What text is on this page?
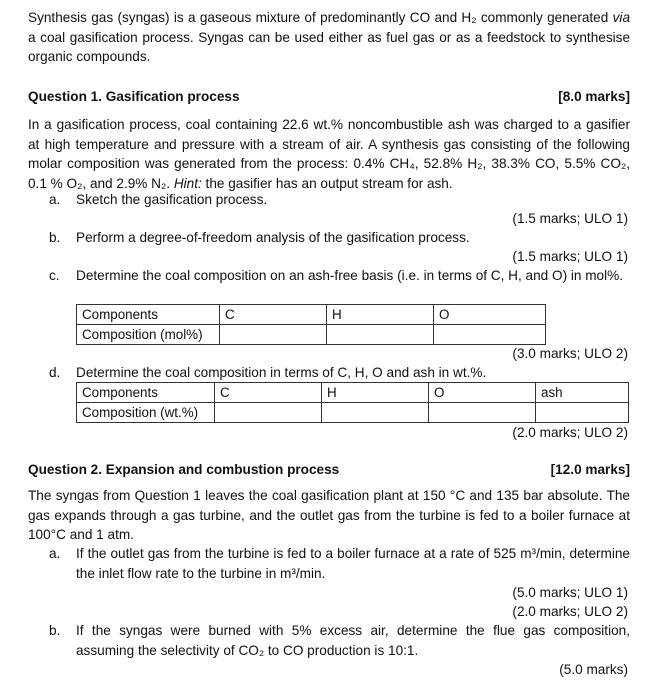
Synthesis gas (syngas) is a gaseous mixture of predominantly CO and H₂ commonly generated via a coal gasification process. Syngas can be used either as fuel gas or as a feedstock to synthesise organic compounds.
Question 1. Gasification process	[8.0 marks]
In a gasification process, coal containing 22.6 wt.% noncombustible ash was charged to a gasifier at high temperature and pressure with a stream of air. A synthesis gas consisting of the following molar composition was generated from the process: 0.4% CH₄, 52.8% H₂, 38.3% CO, 5.5% CO₂, 0.1 % O₂, and 2.9% N₂. Hint: the gasifier has an output stream for ash.
a.	Sketch the gasification process.
(1.5 marks; ULO 1)
b.	Perform a degree-of-freedom analysis of the gasification process.
(1.5 marks; ULO 1)
c.	Determine the coal composition on an ash-free basis (i.e. in terms of C, H, and O) in mol%.
Components	C	H	O
Composition (mol%)			
(3.0 marks; ULO 2)
d.	Determine the coal composition in terms of C, H, O and ash in wt.%.
Components	C	H	O	ash
Composition (wt.%)				
(2.0 marks; ULO 2)
Question 2. Expansion and combustion process	[12.0 marks]
The syngas from Question 1 leaves the coal gasification plant at 150 °C and 135 bar absolute. The gas expands through a gas turbine, and the outlet gas from the turbine is fed to a boiler furnace at 100°C and 1 atm.
a.	If the outlet gas from the turbine is fed to a boiler furnace at a rate of 525 m³/min, determine the inlet flow rate to the turbine in m³/min.
(5.0 marks; ULO 1)
(2.0 marks; ULO 2)
b.	If the syngas were burned with 5% excess air, determine the flue gas composition, assuming the selectivity of CO₂ to CO production is 10:1.
(5.0 marks)
